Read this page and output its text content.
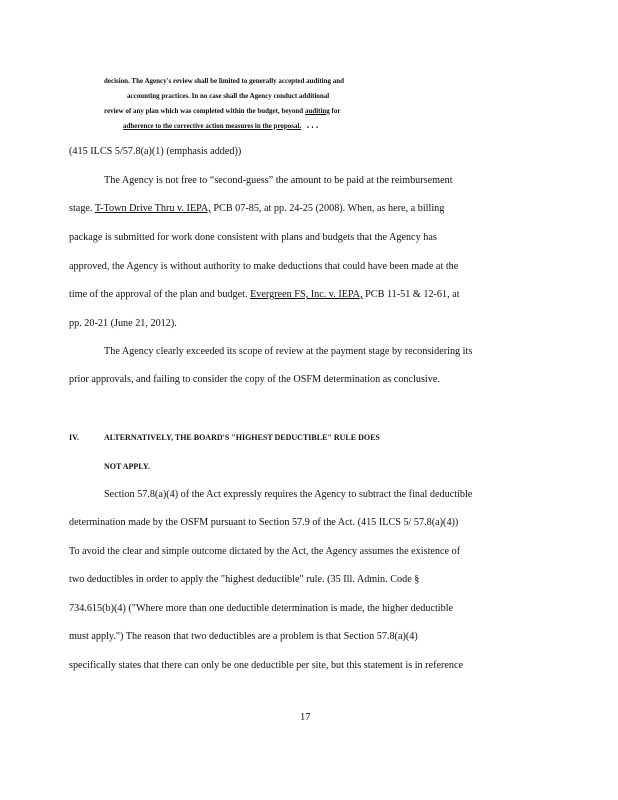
decision. The Agency's review shall be limited to generally accepted auditing and
accounting practices. In no case shall the Agency conduct additional
review of any plan which was completed within the budget, beyond auditing for
adherence to the corrective action measures in the proposal. . . .
(415 ILCS 5/57.8(a)(1) (emphasis added))
The Agency is not free to “second-guess” the amount to be paid at the reimbursement
stage. T-Town Drive Thru v. IEPA, PCB 07-85, at pp. 24-25 (2008). When, as here, a billing
package is submitted for work done consistent with plans and budgets that the Agency has
approved, the Agency is without authority to make deductions that could have been made at the
time of the approval of the plan and budget. Evergreen FS, Inc. v. IEPA, PCB 11-51 & 12-61, at
pp. 20-21 (June 21, 2012).
The Agency clearly exceeded its scope of review at the payment stage by reconsidering its
prior approvals, and failing to consider the copy of the OSFM determination as conclusive.
IV.	ALTERNATIVELY, THE BOARD'S "HIGHEST DEDUCTIBLE" RULE DOES
NOT APPLY.
Section 57.8(a)(4) of the Act expressly requires the Agency to subtract the final deductible
determination made by the OSFM pursuant to Section 57.9 of the Act. (415 ILCS 5/ 57.8(a)(4))
To avoid the clear and simple outcome dictated by the Act, the Agency assumes the existence of
two deductibles in order to apply the "highest deductible" rule. (35 Ill. Admin. Code §
734.615(b)(4) ("Where more than one deductible determination is made, the higher deductible
must apply.") The reason that two deductibles are a problem is that Section 57.8(a)(4)
specifically states that there can only be one deductible per site, but this statement is in reference
17
